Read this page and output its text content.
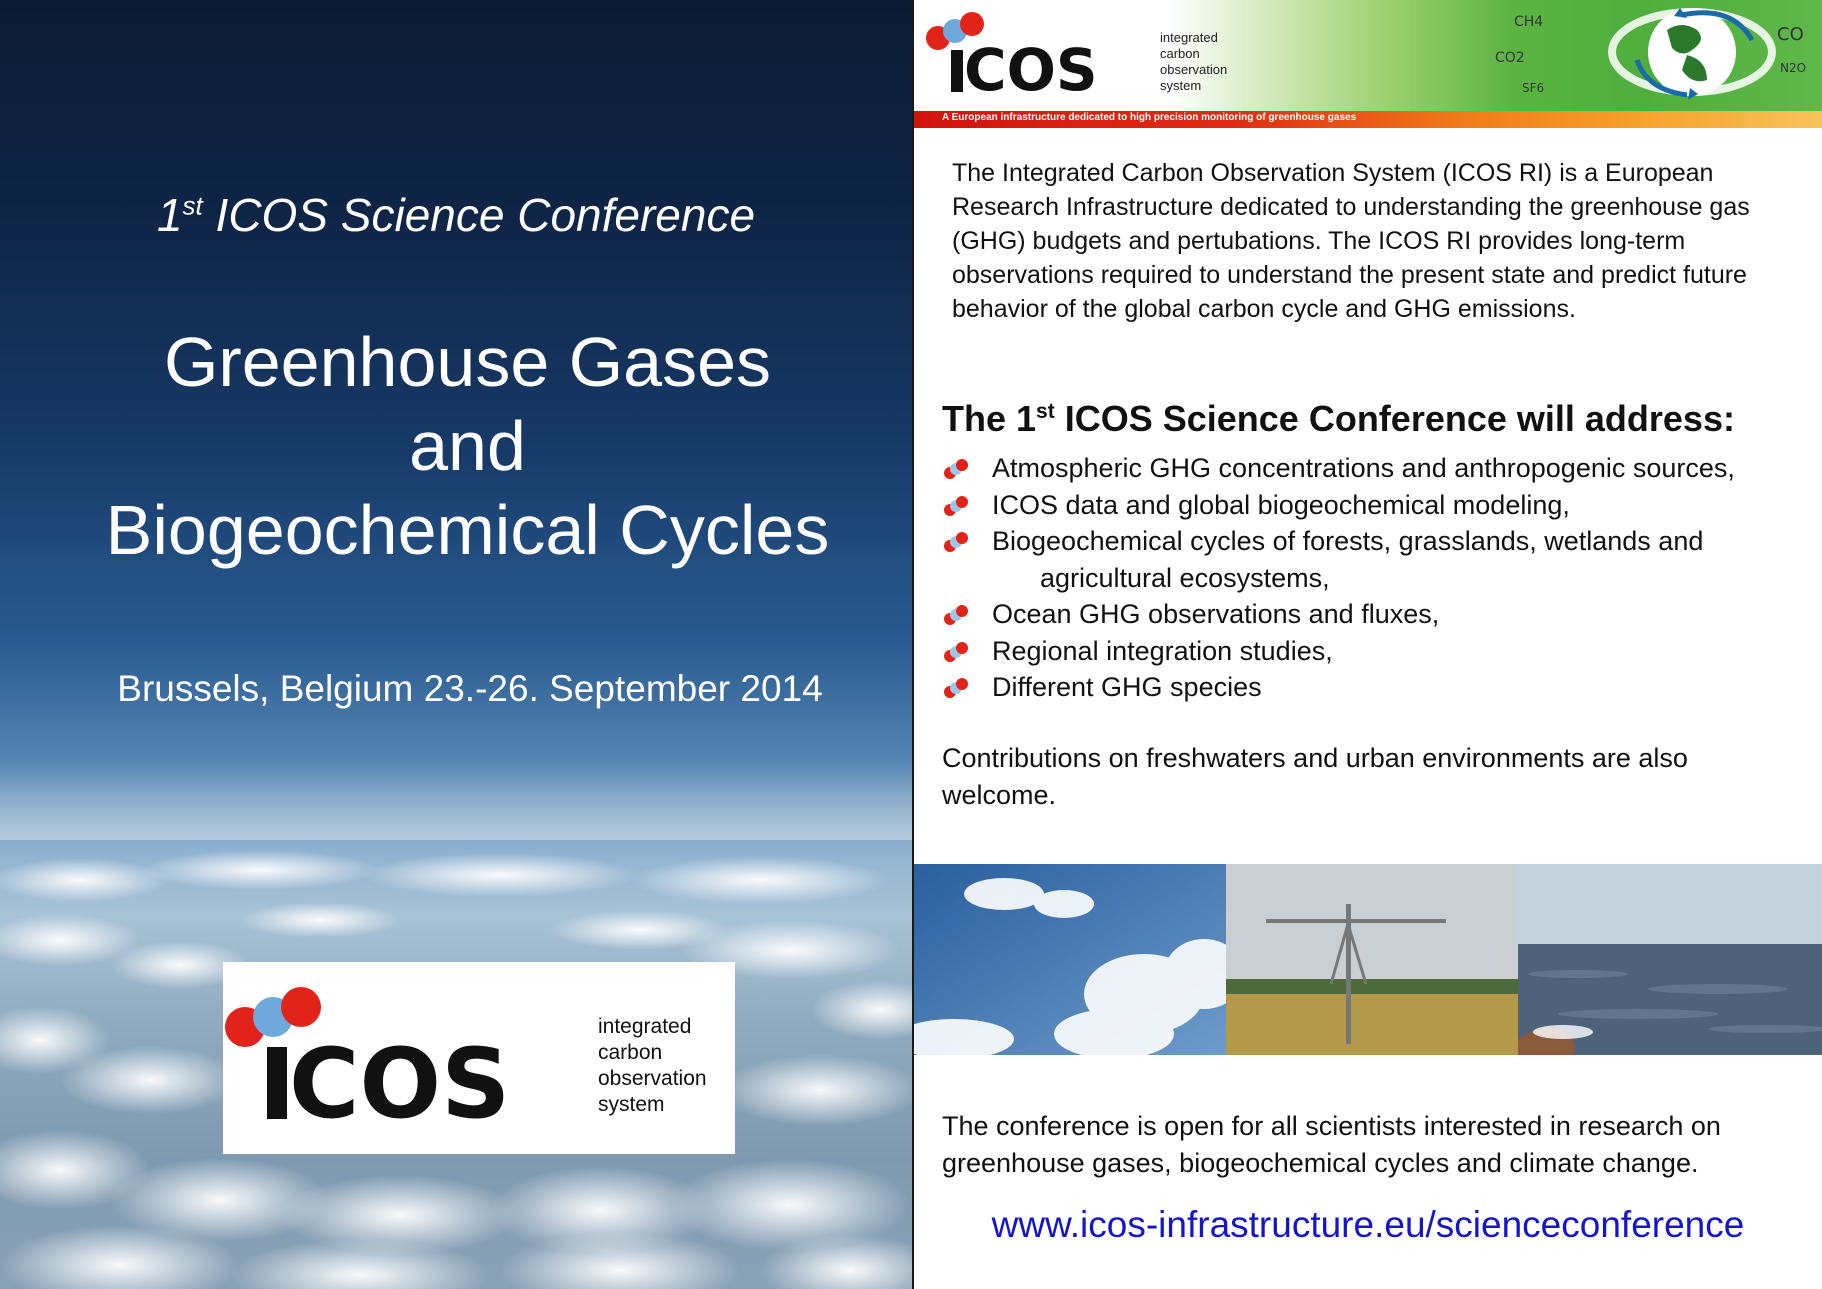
1st ICOS Science Conference
Greenhouse Gases
and
Biogeochemical Cycles
Brussels, Belgium 23.-26. September 2014
COS
integrated
carbon
observation
system
COS	integrated
carbon
observation
system
CH4
CO2
CO
N2O
SF6
A European infrastructure dedicated to high precision monitoring of greenhouse gases
The Integrated Carbon Observation System (ICOS RI) is a European Research Infrastructure dedicated to understanding the greenhouse gas (GHG) budgets and pertubations. The ICOS RI provides long-term observations required to understand the present state and predict future behavior of the global carbon cycle and GHG emissions.
The 1st ICOS Science Conference will address:
Atmospheric GHG concentrations and anthropogenic sources,
ICOS data and global biogeochemical modeling,
Biogeochemical cycles of forests, grasslands, wetlands and
agricultural ecosystems,
Ocean GHG observations and fluxes,
Regional integration studies,
Different GHG species
Contributions on freshwaters and urban environments are also welcome.
The conference is open for all scientists interested in research on greenhouse gases, biogeochemical cycles and climate change.
www.icos-infrastructure.eu/scienceconference
